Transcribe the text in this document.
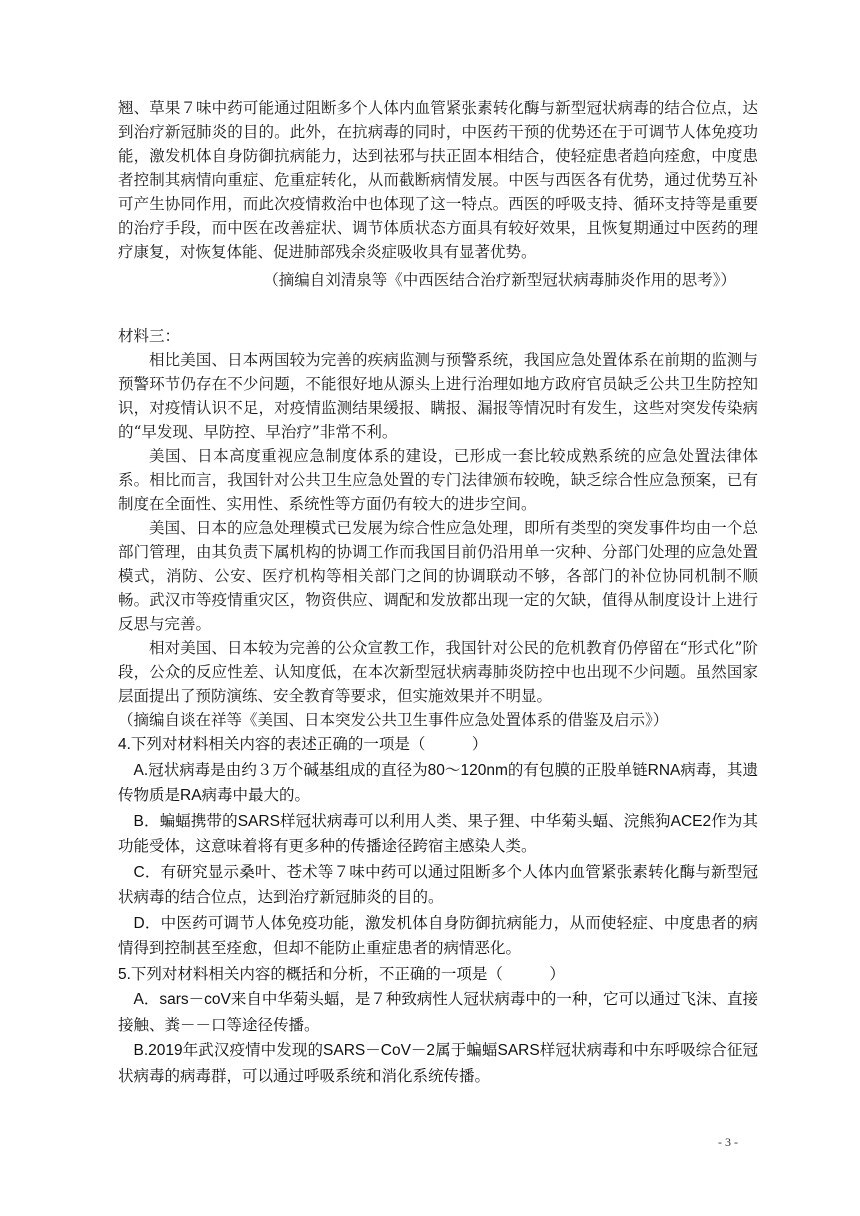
翘、草果７味中药可能通过阻断多个人体内血管紧张素转化酶与新型冠状病毒的结合位点，达到治疗新冠肺炎的目的。此外，在抗病毒的同时，中医药干预的优势还在于可调节人体免疫功能，激发机体自身防御抗病能力，达到祛邪与扶正固本相结合，使轻症患者趋向痊愈，中度患者控制其病情向重症、危重症转化，从而截断病情发展。中医与西医各有优势，通过优势互补可产生协同作用，而此次疫情救治中也体现了这一特点。西医的呼吸支持、循环支持等是重要的治疗手段，而中医在改善症状、调节体质状态方面具有较好效果，且恢复期通过中医药的理疗康复，对恢复体能、促进肺部残余炎症吸收具有显著优势。

（摘编自刘清泉等《中西医结合治疗新型冠状病毒肺炎作用的思考》）

材料三：

相比美国、日本两国较为完善的疾病监测与预警系统，我国应急处置体系在前期的监测与预警环节仍存在不少问题，不能很好地从源头上进行治理如地方政府官员缺乏公共卫生防控知识，对疫情认识不足，对疫情监测结果缓报、瞒报、漏报等情况时有发生，这些对突发传染病的“早发现、早防控、早治疗”非常不利。

美国、日本高度重视应急制度体系的建设，已形成一套比较成熟系统的应急处置法律体系。相比而言，我国针对公共卫生应急处置的专门法律颁布较晚，缺乏综合性应急预案，已有制度在全面性、实用性、系统性等方面仍有较大的进步空间。

美国、日本的应急处理模式已发展为综合性应急处理，即所有类型的突发事件均由一个总部门管理，由其负责下属机构的协调工作而我国目前仍沿用单一灾种、分部门处理的应急处置模式，消防、公安、医疗机构等相关部门之间的协调联动不够，各部门的补位协同机制不顺畅。武汉市等疫情重灾区，物资供应、调配和发放都出现一定的欠缺，值得从制度设计上进行反思与完善。

相对美国、日本较为完善的公众宣教工作，我国针对公民的危机教育仍停留在“形式化”阶段，公众的反应性差、认知度低，在本次新型冠状病毒肺炎防控中也出现不少问题。虽然国家层面提出了预防演练、安全教育等要求，但实施效果并不明显。

（摘编自谈在祥等《美国、日本突发公共卫生事件应急处置体系的借鉴及启示》）

4.下列对材料相关内容的表述正确的一项是（　　　）

A.冠状病毒是由约３万个碱基组成的直径为80～120nm的有包膜的正股单链RNA病毒，其遗传物质是RA病毒中最大的。

B．蝙蝠携带的SARS样冠状病毒可以利用人类、果子狸、中华菊头蝠、浣熊狗ACE2作为其功能受体，这意味着将有更多种的传播途径跨宿主感染人类。

C．有研究显示桑叶、苍术等７味中药可以通过阻断多个人体内血管紧张素转化酶与新型冠状病毒的结合位点，达到治疗新冠肺炎的目的。

D．中医药可调节人体免疫功能，激发机体自身防御抗病能力，从而使轻症、中度患者的病情得到控制甚至痊愈，但却不能防止重症患者的病情恶化。

5.下列对材料相关内容的概括和分析，不正确的一项是（　　　）

A．sars－coV来自中华菊头蝠，是７种致病性人冠状病毒中的一种，它可以通过飞沫、直接接触、粪－－口等途径传播。

B.2019年武汉疫情中发现的SARS－CoV－2属于蝙蝠SARS样冠状病毒和中东呼吸综合征冠状病毒的病毒群，可以通过呼吸系统和消化系统传播。

- 3 -
